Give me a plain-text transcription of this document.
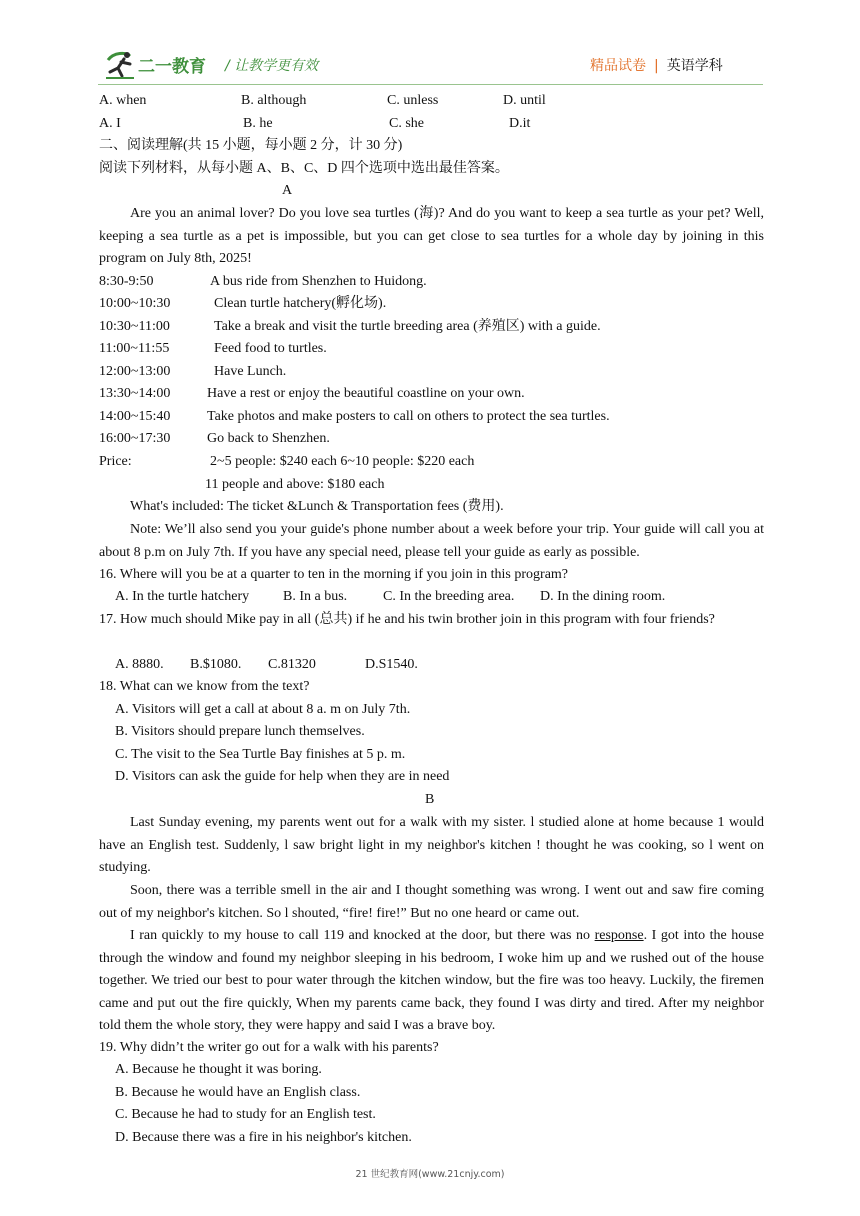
二一教育 / 让教学更有效	精品试卷 | 英语学科
A. when	B. although	C. unless	D. until
A. I	B. he	C. she	D.it
二、阅读理解(共 15 小题，每小题 2 分，计 30 分)
阅读下列材料，从每小题 A、B、C、D 四个选项中选出最佳答案。
A
Are you an animal lover? Do you love sea turtles (海)? And do you want to keep a sea turtle as your pet? Well, keeping a sea turtle as a pet is impossible, but you can get close to sea turtles for a whole day by joining in this program on July 8th, 2025!
8:30-9:50	A bus ride from Shenzhen to Huidong.
10:00~10:30	Clean turtle hatchery(孵化场).
10:30~11:00	Take a break and visit the turtle breeding area (养殖区) with a guide.
11:00~11:55	Feed food to turtles.
12:00~13:00	Have Lunch.
13:30~14:00	Have a rest or enjoy the beautiful coastline on your own.
14:00~15:40	Take photos and make posters to call on others to protect the sea turtles.
16:00~17:30	Go back to Shenzhen.
Price:	2~5 people: $240 each 6~10 people: $220 each
11 people and above: $180 each
What's included: The ticket &Lunch & Transportation fees (费用).
Note: We’ll also send you your guide's phone number about a week before your trip. Your guide will call you at about 8 p.m on July 7th. If you have any special need, please tell your guide as early as possible.
16. Where will you be at a quarter to ten in the morning if you join in this program?
A. In the turtle hatchery B. In a bus.	C. In the breeding area. D. In the dining room.
17. How much should Mike pay in all (总共) if he and his twin brother join in this program with four friends?
A. 8880. B.$1080. C.81320	D.S1540.
18. What can we know from the text?
A. Visitors will get a call at about 8 a. m on July 7th.
B. Visitors should prepare lunch themselves.
C. The visit to the Sea Turtle Bay finishes at 5 p. m.
D. Visitors can ask the guide for help when they are in need
B
Last Sunday evening, my parents went out for a walk with my sister. l studied alone at home because 1 would have an English test. Suddenly, l saw bright light in my neighbor's kitchen ! thought he was cooking, so l went on studying.
Soon, there was a terrible smell in the air and I thought something was wrong. I went out and saw fire coming out of my neighbor's kitchen. So l shouted, “fire! fire!” But no one heard or came out.
I ran quickly to my house to call 119 and knocked at the door, but there was no response. I got into the house through the window and found my neighbor sleeping in his bedroom, I woke him up and we rushed out of the house together. We tried our best to pour water through the kitchen window, but the fire was too heavy. Luckily, the firemen came and put out the fire quickly, When my parents came back, they found I was dirty and tired. After my neighbor told them the whole story, they were happy and said I was a brave boy.
19. Why didn’t the writer go out for a walk with his parents?
A. Because he thought it was boring.
B. Because he would have an English class.
C. Because he had to study for an English test.
D. Because there was a fire in his neighbor's kitchen.
21 世纪教育网(www.21cnjy.com)
